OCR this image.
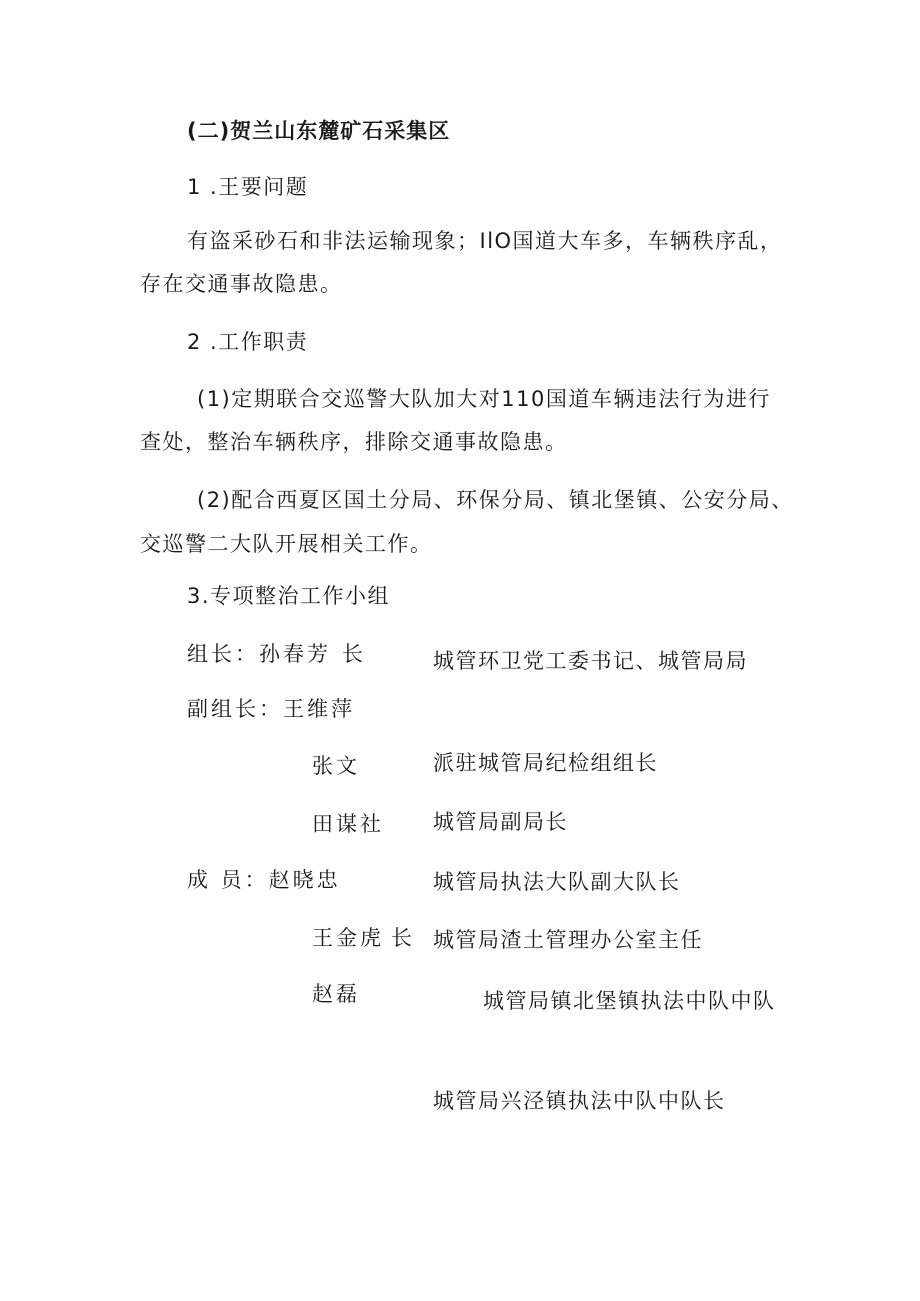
(二)贺兰山东麓矿石采集区
1 .王要问题
有盗采砂石和非法运输现象；IlO国道大车多，车辆秩序乱，
存在交通事故隐患。
2 .工作职责
(1)定期联合交巡警大队加大对110国道车辆违法行为进行
查处，整治车辆秩序，排除交通事故隐患。
(2)配合西夏区国土分局、环保分局、镇北堡镇、公安分局、
交巡警二大队开展相关工作。
3.专项整治工作小组
组长：孙春芳 长	城管环卫党工委书记、城管局局
副组长：王维萍
张文	派驻城管局纪检组组长
田谋社 城管局副局长
成 员：赵晓忠	城管局执法大队副大队长
王金虎 长 城管局渣土管理办公室主任
赵磊	城管局镇北堡镇执法中队中队
城管局兴泾镇执法中队中队长
